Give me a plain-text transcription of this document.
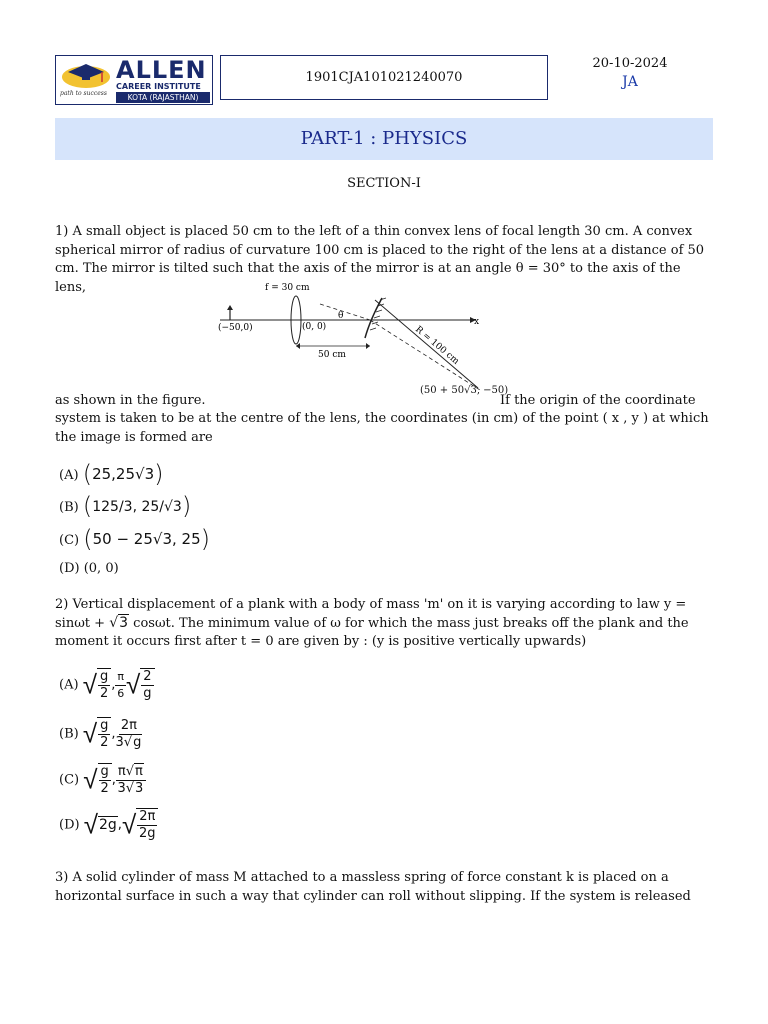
path to success
ALLEN
CAREER INSTITUTE
KOTA (RAJASTHAN)
1901CJA101021240070
20-10-2024
JA
PART-1 : PHYSICS
SECTION-I
1) A small object is placed 50 cm to the left of a thin convex lens of focal length 30 cm. A convex spherical mirror of radius of curvature 100 cm is placed to the right of the lens at a distance of 50 cm. The mirror is tilted such that the axis of the mirror is at an angle θ = 30° to the axis of the lens,	f = 30 cm
x
(−50,0)	(0, 0)
50 cm
θ
R = 100 cm
as shown in the figure.
(50 + 50√3, −50)
If the origin of the coordinate
system is taken to be at the centre of the lens, the coordinates (in cm) of the point ( x , y ) at which the image is formed are
(A) (25,25√3)
(B) (125/3, 25/√3)
(C) (50 − 25√3, 25)
(D) (0, 0)
2) Vertical displacement of a plank with a body of mass 'm' on it is varying according to law y =
sinωt + √3 cosωt. The minimum value of ω for which the mass just breaks off the plank and the
moment it occurs first after t = 0 are given by : (y is positive vertically upwards)
(A) √ $\frac{g}{2}$ , $\frac{\pi}{6}$ √ $\frac{2}{g}$
(B) √ $\frac{g}{2}$ , $\frac{2\pi}{3√g}$
(C) √ $\frac{g}{2}$ , $\frac{\pi√\pi}{3√3}$
(D) $√2g,√ \frac{2\pi}{2g}$
3) A solid cylinder of mass M attached to a massless spring of force constant k is placed on a horizontal surface in such a way that cylinder can roll without slipping. If the system is released
